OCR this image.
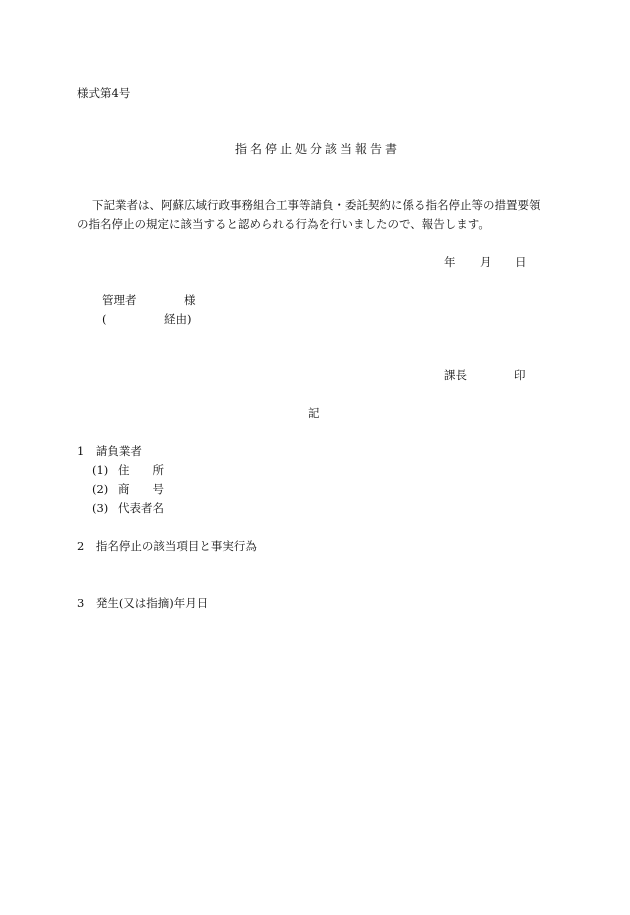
様式第4号
指名停止処分該当報告書
下記業者は、阿蘇広域行政事務組合工事等請負・委託契約に係る指名停止等の措置要領
の指名停止の規定に該当すると認められる行為を行いましたので、報告します。
年 月 日
管理者	様
(	経由)
課長	印
記
1　請負業者
(1) 住　　所
(2) 商　　号
(3) 代表者名
2　指名停止の該当項目と事実行為
3　発生(又は指摘)年月日
